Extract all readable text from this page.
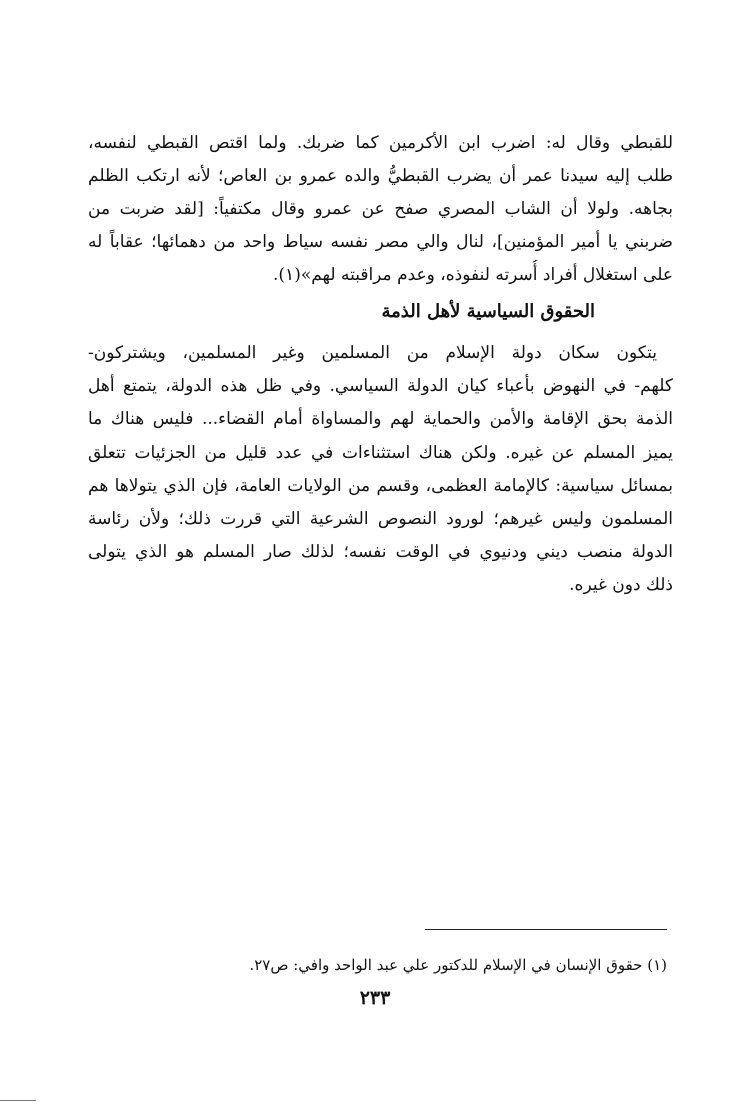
للقبطي وقال له: اضرب ابن الأكرمين كما ضربك. ولما اقتص القبطي لنفسه،
طلب إليه سيدنا عمر أن يضرب القبطيُّ والده عمرو بن العاص؛ لأنه ارتكب الظلم
بجاهه. ولولا أن الشاب المصري صفح عن عمرو وقال مكتفياً: [لقد ضربت من
ضربني يا أمير المؤمنين]، لنال والي مصر نفسه سياط واحد من دهمائها؛ عقاباً له
على استغلال أفراد أُسرته لنفوذه، وعدم مراقبته لهم»(١).
الحقوق السياسية لأهل الذمة
يتكون سكان دولة الإسلام من المسلمين وغير المسلمين، ويشتركون-
كلهم- في النهوض بأعباء كيان الدولة السياسي. وفي ظل هذه الدولة، يتمتع أهل
الذمة بحق الإقامة والأمن والحماية لهم والمساواة أمام القضاء... فليس هناك ما
يميز المسلم عن غيره. ولكن هناك استثناءات في عدد قليل من الجزئيات تتعلق
بمسائل سياسية: كالإمامة العظمى، وقسم من الولايات العامة، فإن الذي يتولاها هم
المسلمون وليس غيرهم؛ لورود النصوص الشرعية التي قررت ذلك؛ ولأن رئاسة
الدولة منصب ديني ودنيوي في الوقت نفسه؛ لذلك صار المسلم هو الذي يتولى
ذلك دون غيره.
(١) حقوق الإنسان في الإسلام للدكتور علي عبد الواحد وافي: ص٢٧.
٢٣٣
